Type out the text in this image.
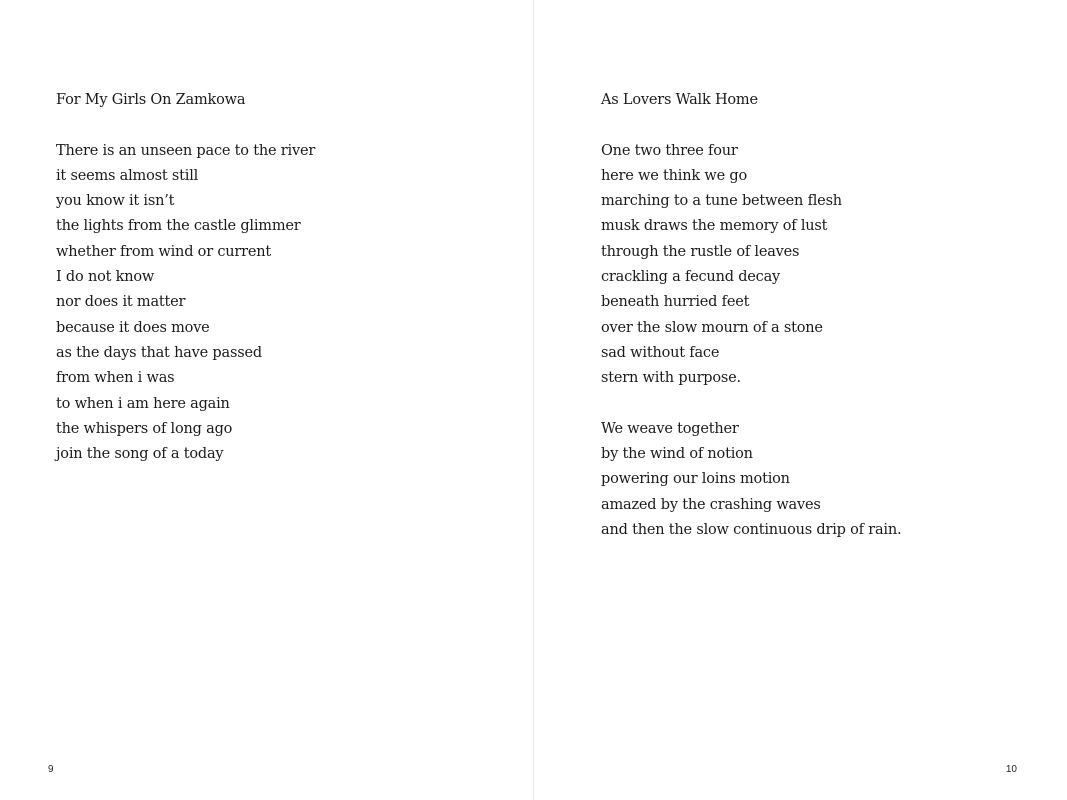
For My Girls On Zamkowa
There is an unseen pace to the river
it seems almost still
you know it isn’t
the lights from the castle glimmer
whether from wind or current
I do not know
nor does it matter
because it does move
as the days that have passed
from when i was
to when i am here again
the whispers of long ago
join the song of a today
9
As Lovers Walk Home
One two three four
here we think we go
marching to a tune between flesh
musk draws the memory of lust
through the rustle of leaves
crackling a fecund decay
beneath hurried feet
over the slow mourn of a stone
sad without face
stern with purpose.
We weave together
by the wind of notion
powering our loins motion
amazed by the crashing waves
and then the slow continuous drip of rain.
10
